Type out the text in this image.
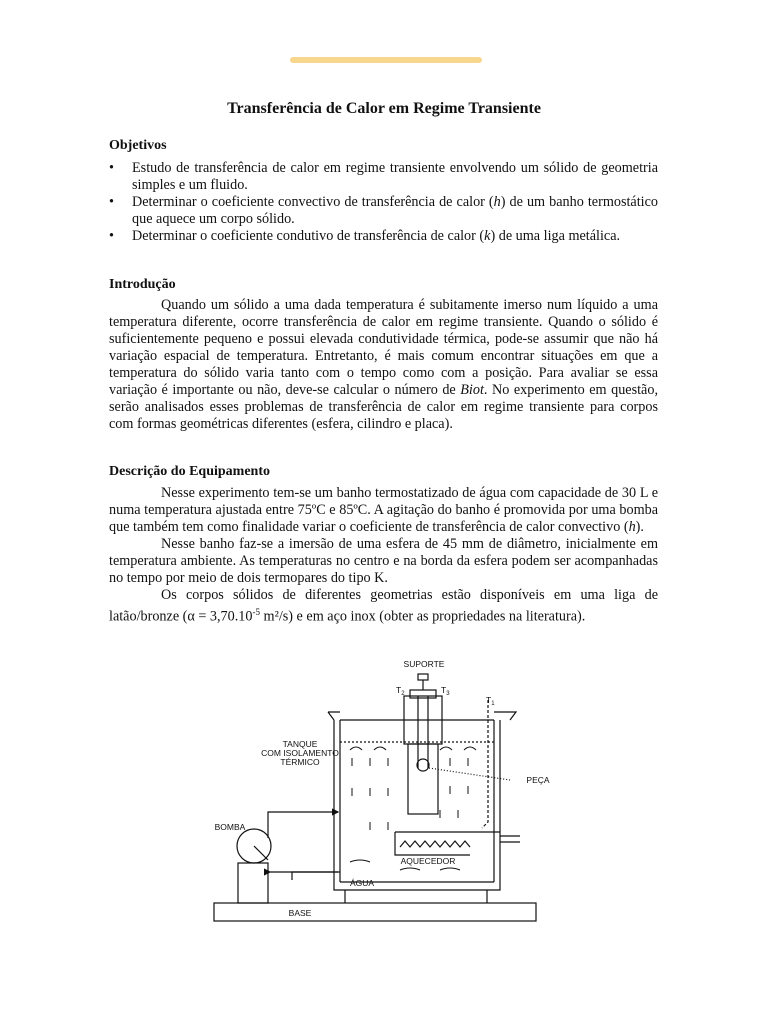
Transferência de Calor em Regime Transiente
Objetivos
• Estudo de transferência de calor em regime transiente envolvendo um sólido de geometria simples e um fluido.
• Determinar o coeficiente convectivo de transferência de calor (h) de um banho termostático que aquece um corpo sólido.
• Determinar o coeficiente condutivo de transferência de calor (k) de uma liga metálica.
Introdução

Quando um sólido a uma dada temperatura é subitamente imerso num líquido a uma temperatura diferente, ocorre transferência de calor em regime transiente. Quando o sólido é suficientemente pequeno e possui elevada condutividade térmica, pode-se assumir que não há variação espacial de temperatura. Entretanto, é mais comum encontrar situações em que a temperatura do sólido varia tanto com o tempo como com a posição. Para avaliar se essa variação é importante ou não, deve-se calcular o número de Biot. No experimento em questão, serão analisados esses problemas de transferência de calor em regime transiente para corpos com formas geométricas diferentes (esfera, cilindro e placa).

Descrição do Equipamento

Nesse experimento tem-se um banho termostatizado de água com capacidade de 30 L e numa temperatura ajustada entre 75ºC e 85ºC. A agitação do banho é promovida por uma bomba que também tem como finalidade variar o coeficiente de transferência de calor convectivo (h).

Nesse banho faz-se a imersão de uma esfera de 45 mm de diâmetro, inicialmente em temperatura ambiente. As temperaturas no centro e na borda da esfera podem ser acompanhadas no tempo por meio de dois termopares do tipo K.

Os corpos sólidos de diferentes geometrias estão disponíveis em uma liga de latão/bronze ($\alpha = 3,70.10^{-5}$ m²/s) e em aço inox (obter as propriedades na literatura).

SUPORTE
TANQUE
COM ISOLAMENTO
TÉRMICO
PEÇA
BOMBA
AQUECEDOR
ÁGUA
BASE
$T_2$	$T_3$
$T_1$
